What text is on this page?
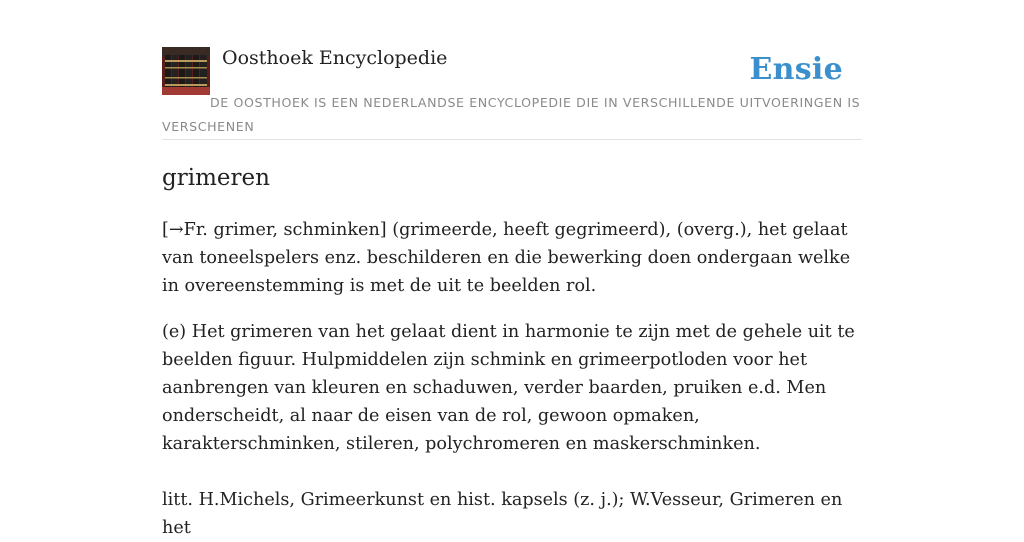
Oosthoek Encyclopedie	Ensie
DE OOSTHOEK IS EEN NEDERLANDSE ENCYCLOPEDIE DIE IN VERSCHILLENDE UITVOERINGEN IS VERSCHENEN
grimeren

[→Fr. grimer, schminken] (grimeerde, heeft gegrimeerd), (overg.), het gelaat van toneelspelers enz. beschilderen en die bewerking doen ondergaan welke in overeenstemming is met de uit te beelden rol.

(e) Het grimeren van het gelaat dient in harmonie te zijn met de gehele uit te beelden figuur. Hulpmiddelen zijn schmink en grimeerpotloden voor het aanbrengen van kleuren en schaduwen, verder baarden, pruiken e.d. Men onderscheidt, al naar de eisen van de rol, gewoon opmaken, karakterschminken, stileren, polychromeren en maskerschminken.

litt. H.Michels, Grimeerkunst en hist. kapsels (z. j.); W.Vesseur, Grimeren en het
